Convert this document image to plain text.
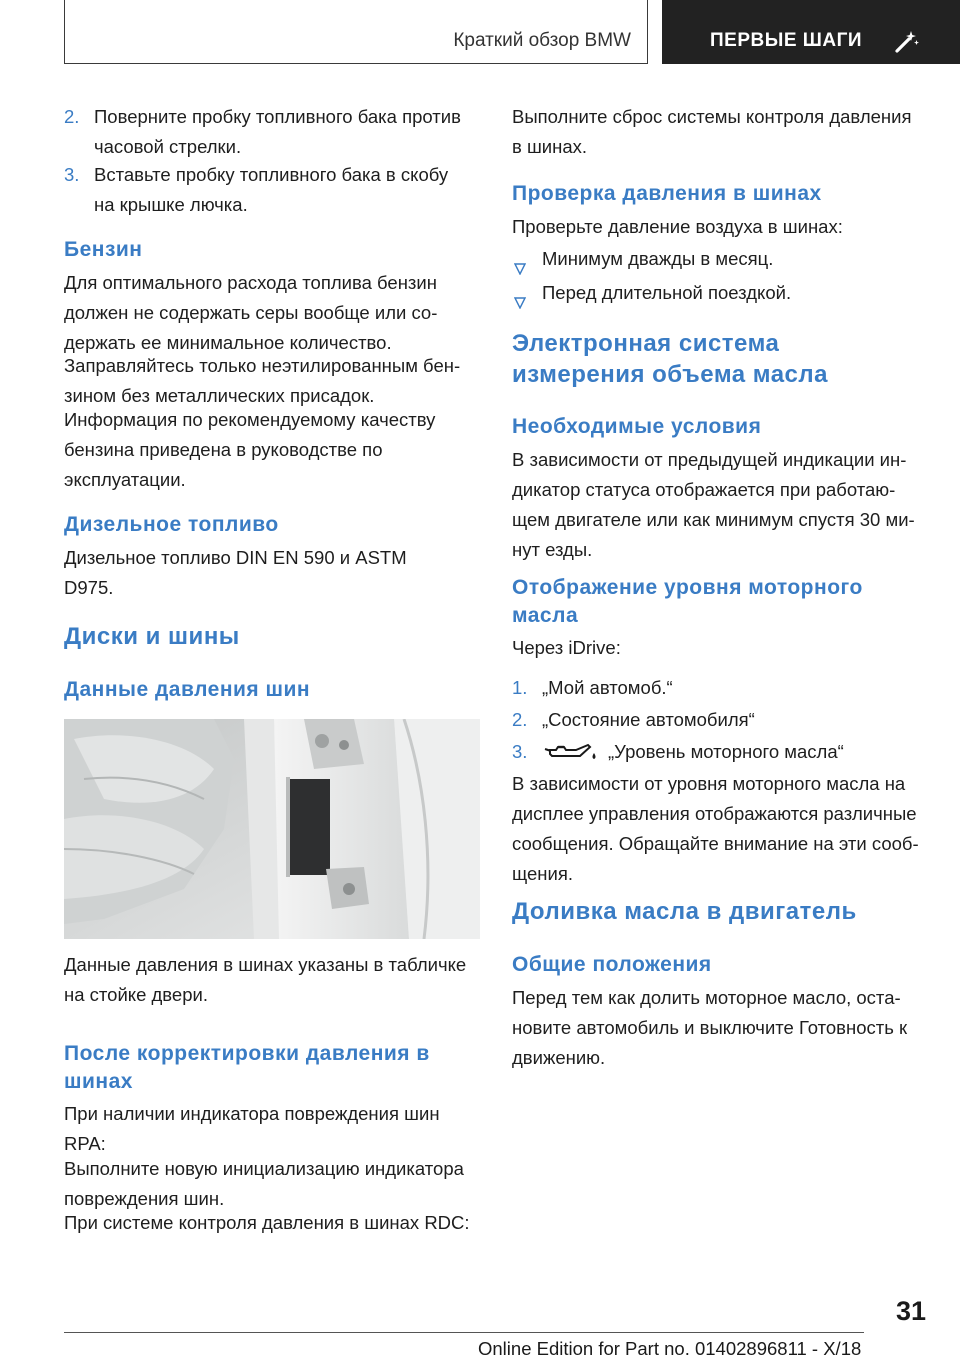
Краткий обзор BMW	ПЕРВЫЕ ШАГИ
2. Поверните пробку топливного бака против
часовой стрелки.
3. Вставьте пробку топливного бака в скобу
на крышке лючка.
Бензин
Для оптимального расхода топлива бензин
должен не содержать серы вообще или со-
держать ее минимальное количество.
Заправляйтесь только неэтилированным бен-
зином без металлических присадок.
Информация по рекомендуемому качеству
бензина приведена в руководстве по
эксплуатации.
Дизельное топливо
Дизельное топливо DIN EN 590 и ASTM
D975.
Диски и шины
Данные давления шин
Данные давления в шинах указаны в табличке
на стойке двери.
После корректировки давления в
шинах
При наличии индикатора повреждения шин
RPA:
Выполните новую инициализацию индикатора
повреждения шин.
При системе контроля давления в шинах RDC:
Выполните сброс системы контроля давления
в шинах.
Проверка давления в шинах
Проверьте давление воздуха в шинах:
Минимум дважды в месяц.
Перед длительной поездкой.
Электронная система
измерения объема масла
Необходимые условия
В зависимости от предыдущей индикации ин-
дикатор статуса отображается при работаю-
щем двигателе или как минимум спустя 30 ми-
нут езды.
Отображение уровня моторного
масла
Через iDrive:
1. „Мой автомоб.“
2. „Состояние автомобиля“
3.	„Уровень моторного масла“
В зависимости от уровня моторного масла на
дисплее управления отображаются различные
сообщения. Обращайте внимание на эти сооб-
щения.
Доливка масла в двигатель
Общие положения
Перед тем как долить моторное масло, оста-
новите автомобиль и выключите Готовность к
движению.
31
Online Edition for Part no. 01402896811 - X/18
